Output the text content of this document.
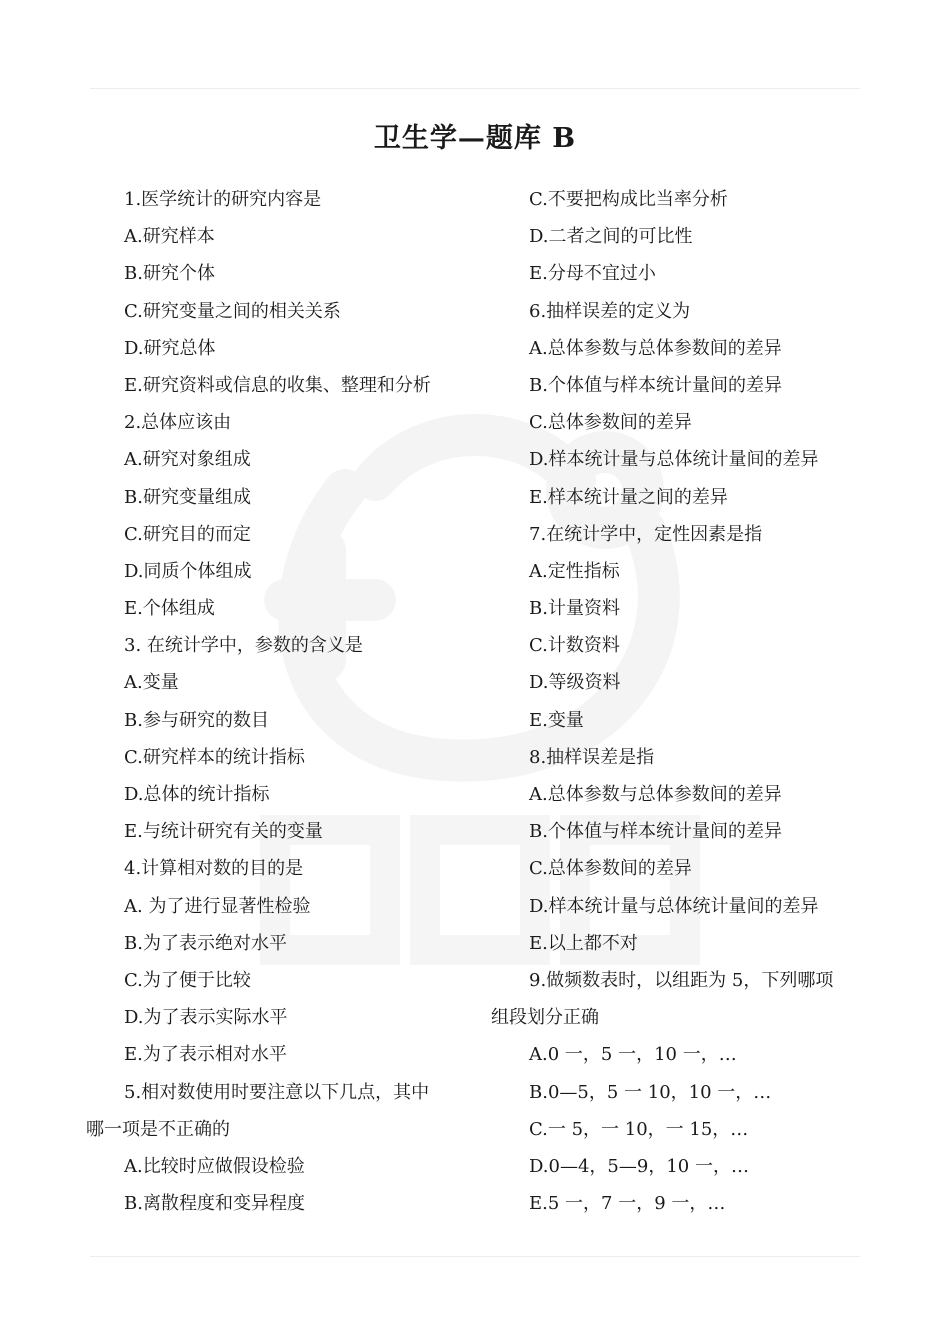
卫生学—题库 B
1.医学统计的研究内容是
A.研究样本
B.研究个体
C.研究变量之间的相关关系
D.研究总体
E.研究资料或信息的收集、整理和分析
2.总体应该由
A.研究对象组成
B.研究变量组成
C.研究目的而定
D.同质个体组成
E.个体组成
3. 在统计学中，参数的含义是
A.变量
B.参与研究的数目
C.研究样本的统计指标
D.总体的统计指标
E.与统计研究有关的变量
4.计算相对数的目的是
A. 为了进行显著性检验
B.为了表示绝对水平
C.为了便于比较
D.为了表示实际水平
E.为了表示相对水平
5.相对数使用时要注意以下几点，其中
哪一项是不正确的
A.比较时应做假设检验
B.离散程度和变异程度
C.不要把构成比当率分析
D.二者之间的可比性
E.分母不宜过小
6.抽样误差的定义为
A.总体参数与总体参数间的差异
B.个体值与样本统计量间的差异
C.总体参数间的差异
D.样本统计量与总体统计量间的差异
E.样本统计量之间的差异
7.在统计学中，定性因素是指
A.定性指标
B.计量资料
C.计数资料
D.等级资料
E.变量
8.抽样误差是指
A.总体参数与总体参数间的差异
B.个体值与样本统计量间的差异
C.总体参数间的差异
D.样本统计量与总体统计量间的差异
E.以上都不对
9.做频数表时，以组距为 5，下列哪项
组段划分正确
A.0 一，5 一，10 一，…
B.0—5，5 一 10，10 一，…
C.一 5，一 10，一 15，…
D.0—4，5—9，10 一，…
E.5 一，7 一，9 一，…
